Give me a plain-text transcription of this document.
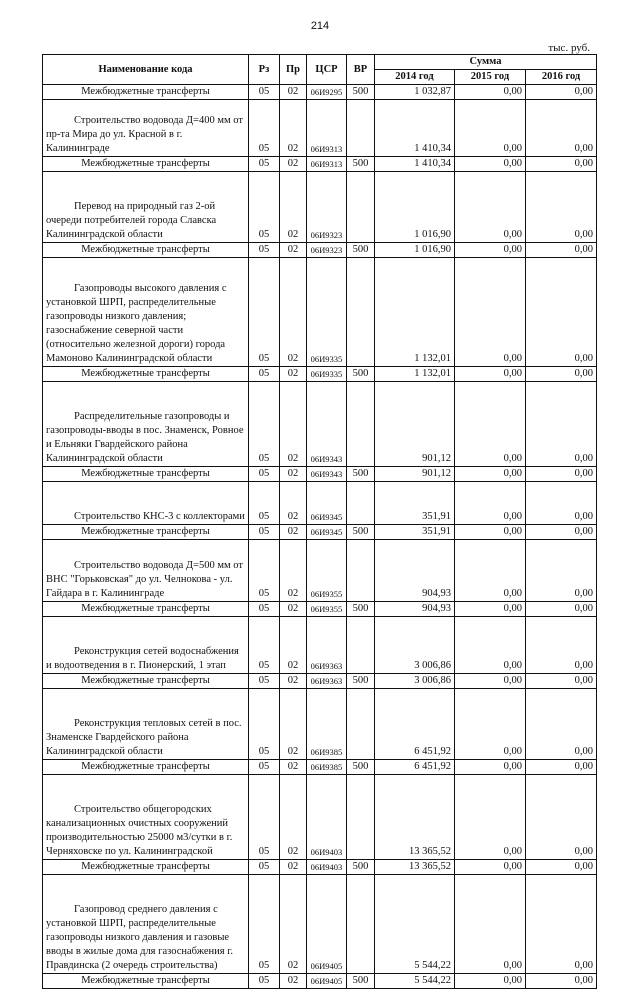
214
тыс. руб.
Наименование кода	Рз	Пр	ЦСР	ВР	Сумма		
					2014 год	2015 год	2016 год
Межбюджетные трансферты	05	02	06И9295	500	1 032,87	0,00	0,00
Строительство водовода Д=400 мм от пр-та Мира до ул. Красной в г. Калининграде	05	02	06И9313		1 410,34	0,00	0,00
Межбюджетные трансферты	05	02	06И9313	500	1 410,34	0,00	0,00
Перевод на природный газ 2-ой очереди потребителей города Славска Калининградской области	05	02	06И9323		1 016,90	0,00	0,00
Межбюджетные трансферты	05	02	06И9323	500	1 016,90	0,00	0,00
Газопроводы высокого давления с установкой ШРП, распределительные газопроводы низкого давления; газоснабжение северной части (относительно железной дороги) города Мамоново Калининградской области	05	02	06И9335		1 132,01	0,00	0,00
Межбюджетные трансферты	05	02	06И9335	500	1 132,01	0,00	0,00
Распределительные газопроводы и газопроводы-вводы в пос. Знаменск, Ровное и Ельняки Гвардейского района Калининградской области	05	02	06И9343		901,12	0,00	0,00
Межбюджетные трансферты	05	02	06И9343	500	901,12	0,00	0,00
Строительство КНС-3 с коллекторами	05	02	06И9345		351,91	0,00	0,00
Межбюджетные трансферты	05	02	06И9345	500	351,91	0,00	0,00
Строительство водовода Д=500 мм от ВНС "Горьковская" до ул. Челнокова - ул. Гайдара в г. Калининграде	05	02	06И9355		904,93	0,00	0,00
Межбюджетные трансферты	05	02	06И9355	500	904,93	0,00	0,00
Реконструкция сетей водоснабжения и водоотведения в г. Пионерский, 1 этап	05	02	06И9363		3 006,86	0,00	0,00
Межбюджетные трансферты	05	02	06И9363	500	3 006,86	0,00	0,00
Реконструкция тепловых сетей в пос. Знаменске Гвардейского района Калининградской области	05	02	06И9385		6 451,92	0,00	0,00
Межбюджетные трансферты	05	02	06И9385	500	6 451,92	0,00	0,00
Строительство общегородских канализационных очистных сооружений производительностью 25000 м3/сутки в г. Черняховске по ул. Калининградской	05	02	06И9403		13 365,52	0,00	0,00
Межбюджетные трансферты	05	02	06И9403	500	13 365,52	0,00	0,00
Газопровод среднего давления с установкой ШРП, распределительные газопроводы низкого давления и газовые вводы в жилые дома для газоснабжения г. Правдинска (2 очередь строительства)	05	02	06И9405		5 544,22	0,00	0,00
Межбюджетные трансферты	05	02	06И9405	500	5 544,22	0,00	0,00
